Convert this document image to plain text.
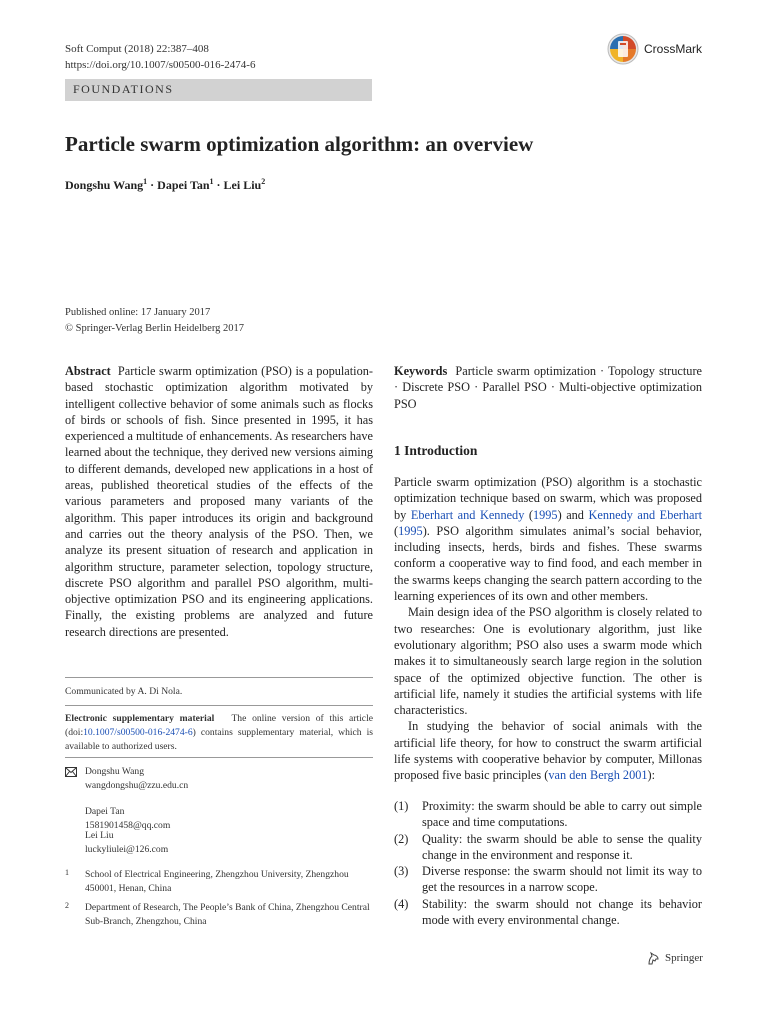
Soft Comput (2018) 22:387–408
https://doi.org/10.1007/s00500-016-2474-6
CrossMark
FOUNDATIONS
Particle swarm optimization algorithm: an overview
Dongshu Wang$^1$ · Dapei Tan$^1$ · Lei Liu$^2$
Published online: 17 January 2017
© Springer-Verlag Berlin Heidelberg 2017
Abstract Particle swarm optimization (PSO) is a population-based stochastic optimization algorithm motivated by intelligent collective behavior of some animals such as flocks of birds or schools of fish. Since presented in 1995, it has experienced a multitude of enhancements. As researchers have learned about the technique, they derived new versions aiming to different demands, developed new applications in a host of areas, published theoretical studies of the effects of the various parameters and proposed many variants of the algorithm. This paper introduces its origin and background and carries out the theory analysis of the PSO. Then, we analyze its present situation of research and application in algorithm structure, parameter selection, topology structure, discrete PSO algorithm and parallel PSO algorithm, multi-objective optimization PSO and its engineering applications. Finally, the existing problems are analyzed and future research directions are presented.
Communicated by A. Di Nola.
Electronic supplementary material The online version of this article (doi:10.1007/s00500-016-2474-6) contains supplementary material, which is available to authorized users.
Dongshu Wang
wangdongshu@zzu.edu.cn
Dapei Tan
1581901458@qq.com
Lei Liu
luckyliulei@126.com
1 School of Electrical Engineering, Zhengzhou University, Zhengzhou 450001, Henan, China
2 Department of Research, The People’s Bank of China, Zhengzhou Central Sub-Branch, Zhengzhou, China
Keywords Particle swarm optimization · Topology structure · Discrete PSO · Parallel PSO · Multi-objective optimization PSO
1 Introduction

Particle swarm optimization (PSO) algorithm is a stochastic optimization technique based on swarm, which was proposed by Eberhart and Kennedy (1995) and Kennedy and Eberhart (1995). PSO algorithm simulates animal’s social behavior, including insects, herds, birds and fishes. These swarms conform a cooperative way to find food, and each member in the swarms keeps changing the search pattern according to the learning experiences of its own and other members.

Main design idea of the PSO algorithm is closely related to two researches: One is evolutionary algorithm, just like evolutionary algorithm; PSO also uses a swarm mode which makes it to simultaneously search large region in the solution space of the optimized objective function. The other is artificial life, namely it studies the artificial systems with life characteristics.

In studying the behavior of social animals with the artificial life theory, for how to construct the swarm artificial life systems with cooperative behavior by computer, Millonas proposed five basic principles (van den Bergh 2001):

(1) Proximity: the swarm should be able to carry out simple space and time computations.
(2) Quality: the swarm should be able to sense the quality change in the environment and response it.
(3) Diverse response: the swarm should not limit its way to get the resources in a narrow scope.
(4) Stability: the swarm should not change its behavior mode with every environmental change.
Springer
